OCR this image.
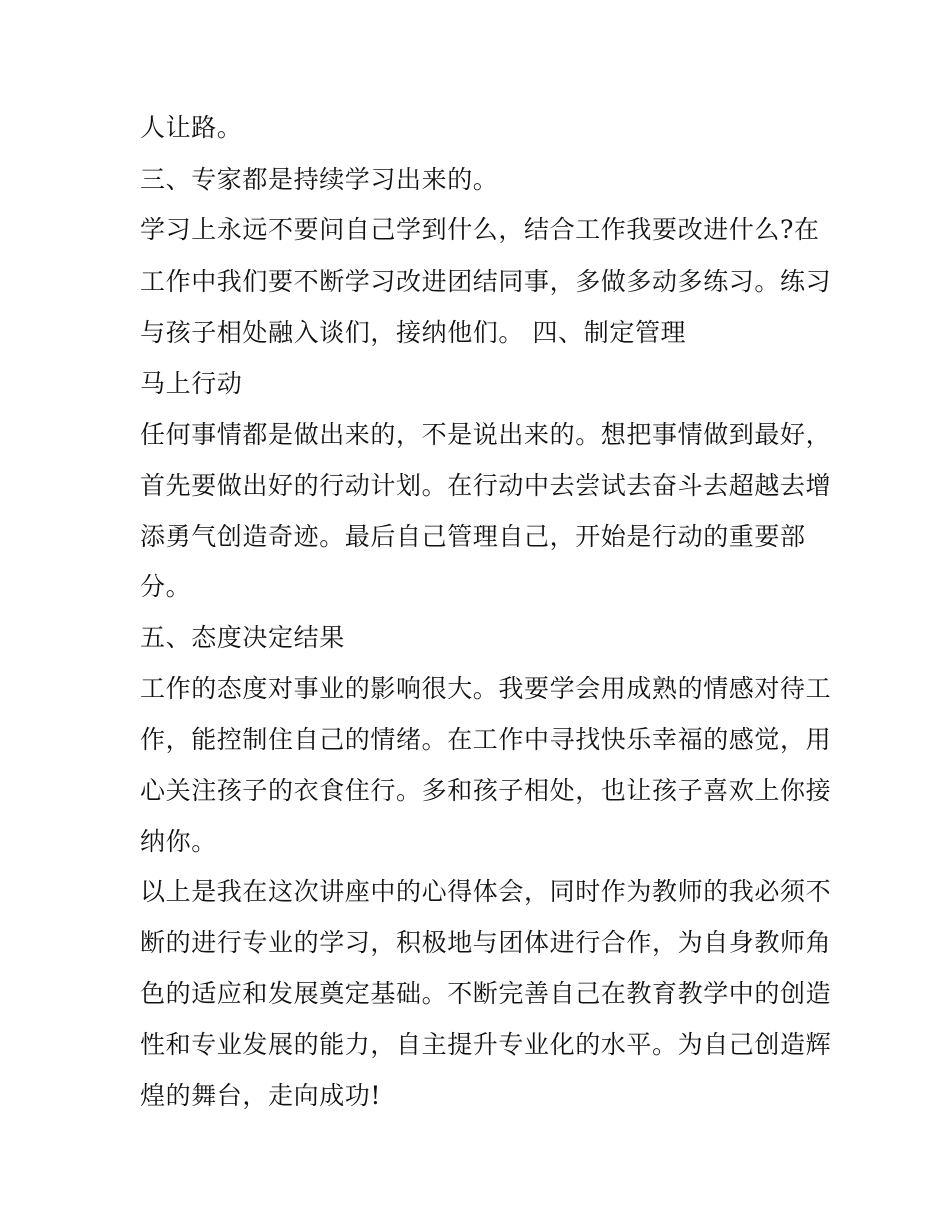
人让路。
三、专家都是持续学习出来的。
学习上永远不要问自己学到什么，结合工作我要改进什么?在
工作中我们要不断学习改进团结同事，多做多动多练习。练习
与孩子相处融入谈们，接纳他们。 四、制定管理
马上行动
任何事情都是做出来的，不是说出来的。想把事情做到最好，
首先要做出好的行动计划。在行动中去尝试去奋斗去超越去增
添勇气创造奇迹。最后自己管理自己，开始是行动的重要部
分。
五、态度决定结果
工作的态度对事业的影响很大。我要学会用成熟的情感对待工
作，能控制住自己的情绪。在工作中寻找快乐幸福的感觉，用
心关注孩子的衣食住行。多和孩子相处，也让孩子喜欢上你接
纳你。
以上是我在这次讲座中的心得体会，同时作为教师的我必须不
断的进行专业的学习，积极地与团体进行合作，为自身教师角
色的适应和发展奠定基础。不断完善自己在教育教学中的创造
性和专业发展的能力，自主提升专业化的水平。为自己创造辉
煌的舞台，走向成功!
